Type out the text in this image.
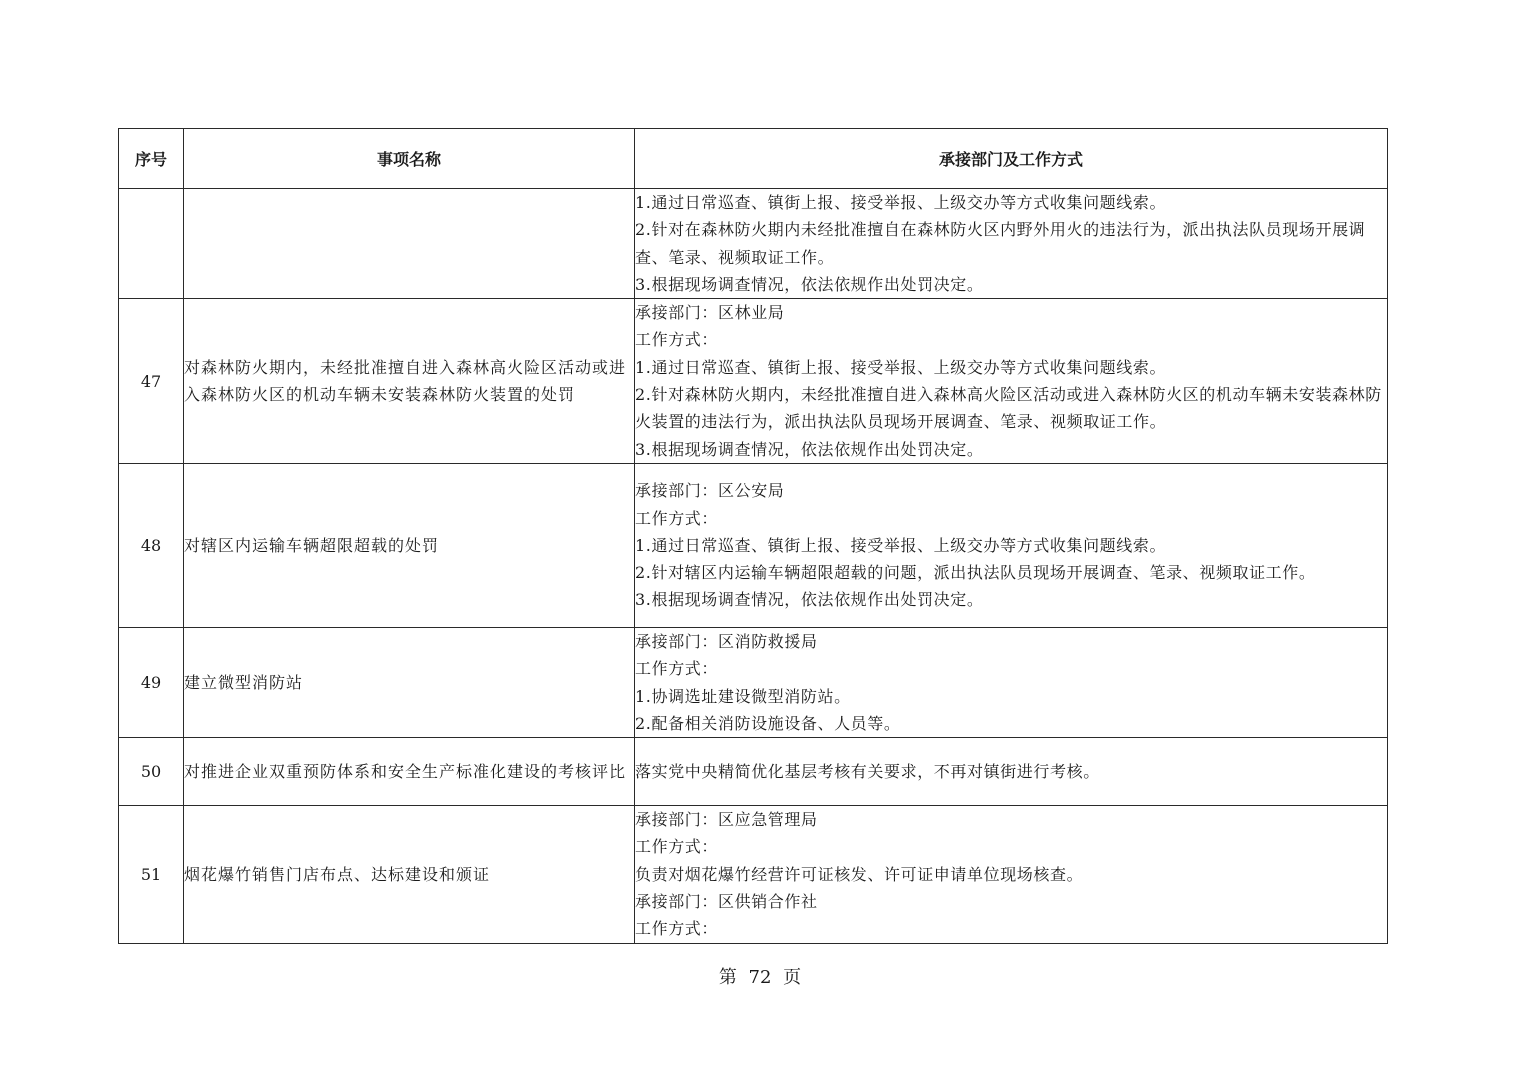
序号	事项名称	承接部门及工作方式

		1.通过日常巡查、镇街上报、接受举报、上级交办等方式收集问题线索。
2.针对在森林防火期内未经批准擅自在森林防火区内野外用火的违法行为，派出执法队员现场开展调查、笔录、视频取证工作。
3.根据现场调查情况，依法依规作出处罚决定。

47	对森林防火期内，未经批准擅自进入森林高火险区活动或进入森林防火区的机动车辆未安装森林防火装置的处罚	承接部门：区林业局
工作方式：
1.通过日常巡查、镇街上报、接受举报、上级交办等方式收集问题线索。
2.针对森林防火期内，未经批准擅自进入森林高火险区活动或进入森林防火区的机动车辆未安装森林防火装置的违法行为，派出执法队员现场开展调查、笔录、视频取证工作。
3.根据现场调查情况，依法依规作出处罚决定。

48	对辖区内运输车辆超限超载的处罚	承接部门：区公安局
工作方式：
1.通过日常巡查、镇街上报、接受举报、上级交办等方式收集问题线索。
2.针对辖区内运输车辆超限超载的问题，派出执法队员现场开展调查、笔录、视频取证工作。
3.根据现场调查情况，依法依规作出处罚决定。

49	建立微型消防站	承接部门：区消防救援局
工作方式：
1.协调选址建设微型消防站。
2.配备相关消防设施设备、人员等。

50	对推进企业双重预防体系和安全生产标准化建设的考核评比	落实党中央精简优化基层考核有关要求，不再对镇街进行考核。

51	烟花爆竹销售门店布点、达标建设和颁证	承接部门：区应急管理局
工作方式：
负责对烟花爆竹经营许可证核发、许可证申请单位现场核查。
承接部门：区供销合作社
工作方式：
第 72 页
